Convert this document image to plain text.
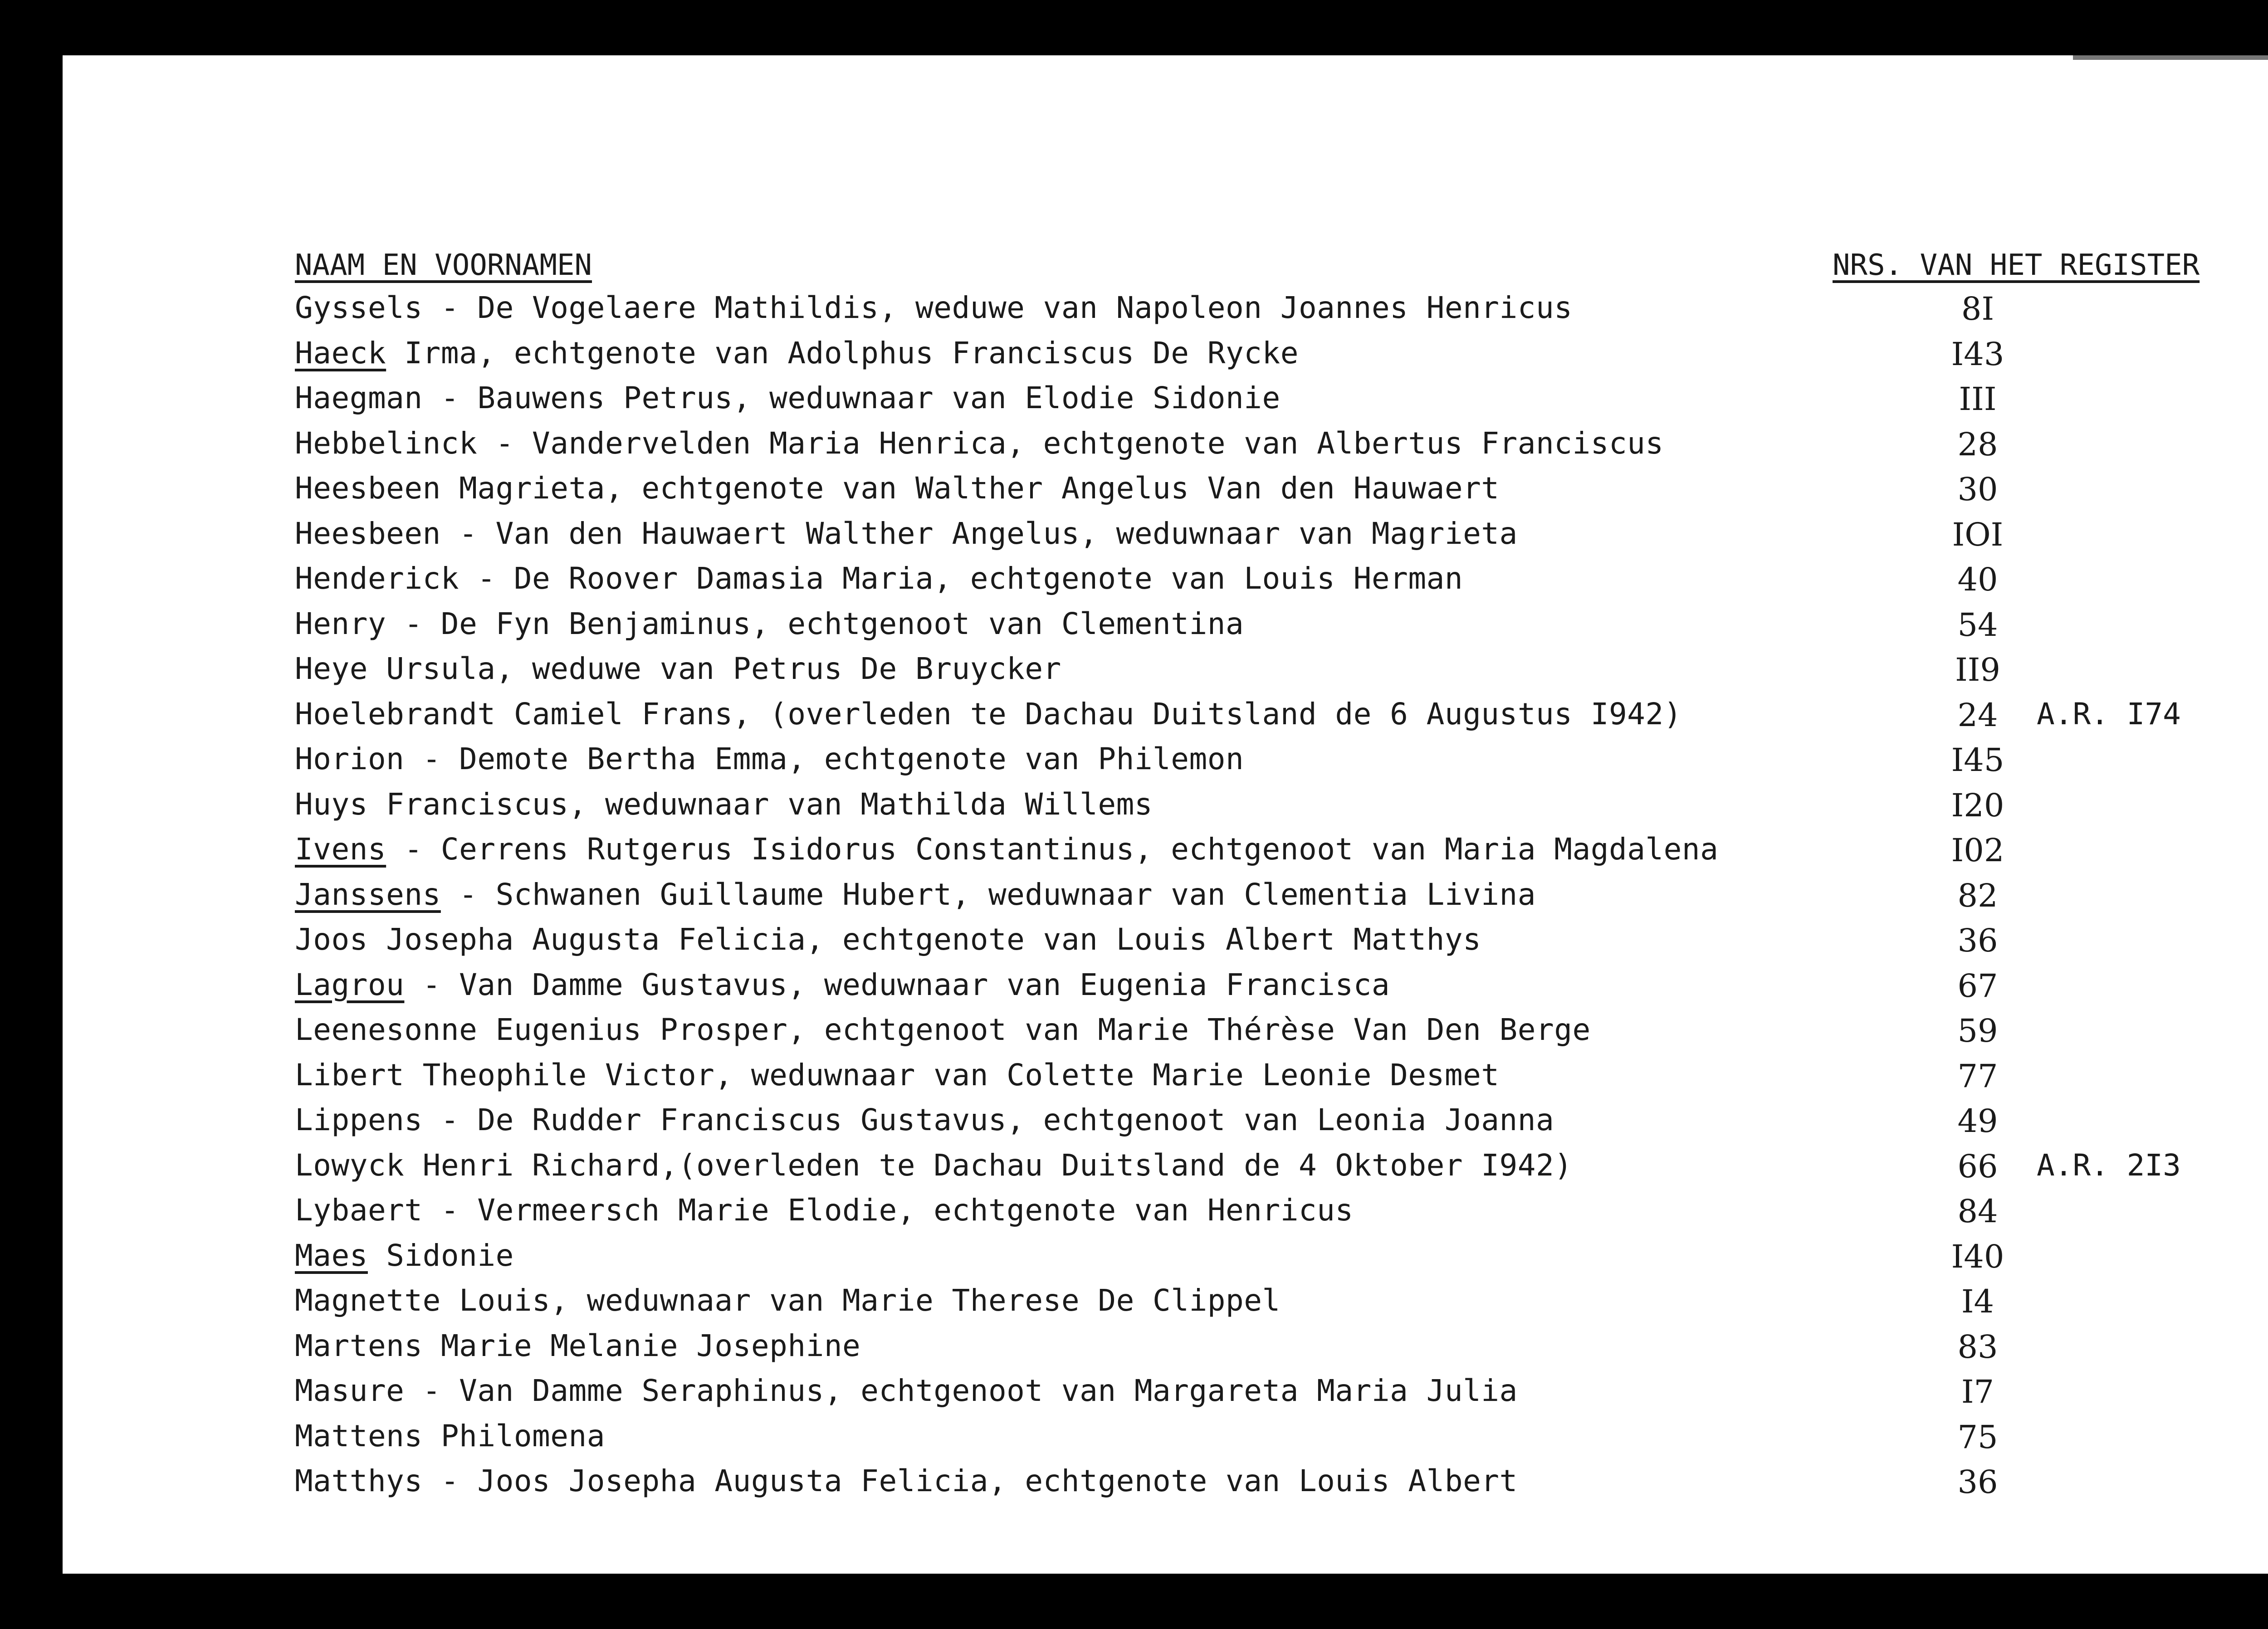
NAAM EN VOORNAMEN	NRS. VAN HET REGISTER
Gyssels - De Vogelaere Mathildis, weduwe van Napoleon Joannes Henricus	8I
Haeck Irma, echtgenote van Adolphus Franciscus De Rycke	I43
Haegman - Bauwens Petrus, weduwnaar van Elodie Sidonie	III
Hebbelinck - Vandervelden Maria Henrica, echtgenote van Albertus Franciscus	28
Heesbeen Magrieta, echtgenote van Walther Angelus Van den Hauwaert	30
Heesbeen - Van den Hauwaert Walther Angelus, weduwnaar van Magrieta	IOI
Henderick - De Roover Damasia Maria, echtgenote van Louis Herman	40
Henry - De Fyn Benjaminus, echtgenoot van Clementina	54
Heye Ursula, weduwe van Petrus De Bruycker	II9
Hoelebrandt Camiel Frans, (overleden te Dachau Duitsland de 6 Augustus I942)	24	A.R. I74
Horion - Demote Bertha Emma, echtgenote van Philemon	I45
Huys Franciscus, weduwnaar van Mathilda Willems	I20
Ivens - Cerrens Rutgerus Isidorus Constantinus, echtgenoot van Maria Magdalena	I02
Janssens - Schwanen Guillaume Hubert, weduwnaar van Clementia Livina	82
Joos Josepha Augusta Felicia, echtgenote van Louis Albert Matthys	36
Lagrou - Van Damme Gustavus, weduwnaar van Eugenia Francisca	67
Leenesonne Eugenius Prosper, echtgenoot van Marie Thérèse Van Den Berge	59
Libert Theophile Victor, weduwnaar van Colette Marie Leonie Desmet	77
Lippens - De Rudder Franciscus Gustavus, echtgenoot van Leonia Joanna	49
Lowyck Henri Richard,(overleden te Dachau Duitsland de 4 Oktober I942)	66	A.R. 2I3
Lybaert - Vermeersch Marie Elodie, echtgenote van Henricus	84
Maes Sidonie	I40
Magnette Louis, weduwnaar van Marie Therese De Clippel	I4
Martens Marie Melanie Josephine	83
Masure - Van Damme Seraphinus, echtgenoot van Margareta Maria Julia	I7
Mattens Philomena	75
Matthys - Joos Josepha Augusta Felicia, echtgenote van Louis Albert	36
